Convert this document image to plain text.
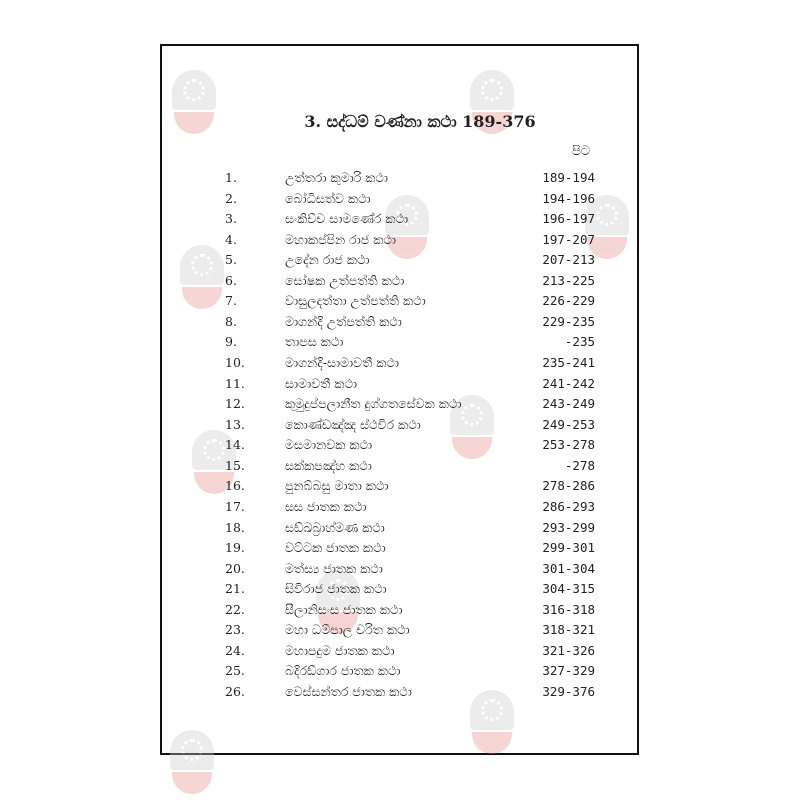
3. සද්ධම් වණ්නා කථා 189-376
පිට
1.	උත්තරා කුමාරි කථා	189-194
2.	බෝධිසත්ව කථා	194-196
3.	සංකිච්ච සාමණේර කථා	196-197
4.	මහාකප්පින රාජ කථා	197-207
5.	උදේන රාජ කථා	207-213
6.	සෝෂක උත්පත්ති කථා	213-225
7.	වාසුලදත්තා උත්පත්ති කථා	226-229
8.	මාගන්දි උත්පත්ති කථා	229-235
9.	තාපස කථා	-235
10.	මාගන්දි-සාමාවතී කථා	235-241
11.	සාමාවතී කථා	241-242
12.	කුමුදුප්පලානීත දුග්ගතසේවක කථා	243-249
13.	කොණ්ඩඤ්ඤ ස්ථවිර කථා	249-253
14.	මසමානවක කථා	253-278
15.	සක්කපඤ්හ කථා	-278
16.	පුනබ්බසු මාතා කථා	278-286
17.	සස ජාතක කථා	286-293
18.	සඞ්ඛබ්‍රාහ්මණ කථා	293-299
19.	වට්ටක ජාතක කථා	299-301
20.	මත්ස්‍ය ජාතක කථා	301-304
21.	සිවිරාජ ජාතක කථා	304-315
22.	සීලානිසංස ජාතක කථා	316-318
23.	මහා ධම්පාල චරිත කථා	318-321
24.	මහාපදුම ජාතක කථා	321-326
25.	බදිරඞ්ගාර ජාතක කථා	327-329
26.	වෙස්සන්තර ජාතක කථා	329-376
